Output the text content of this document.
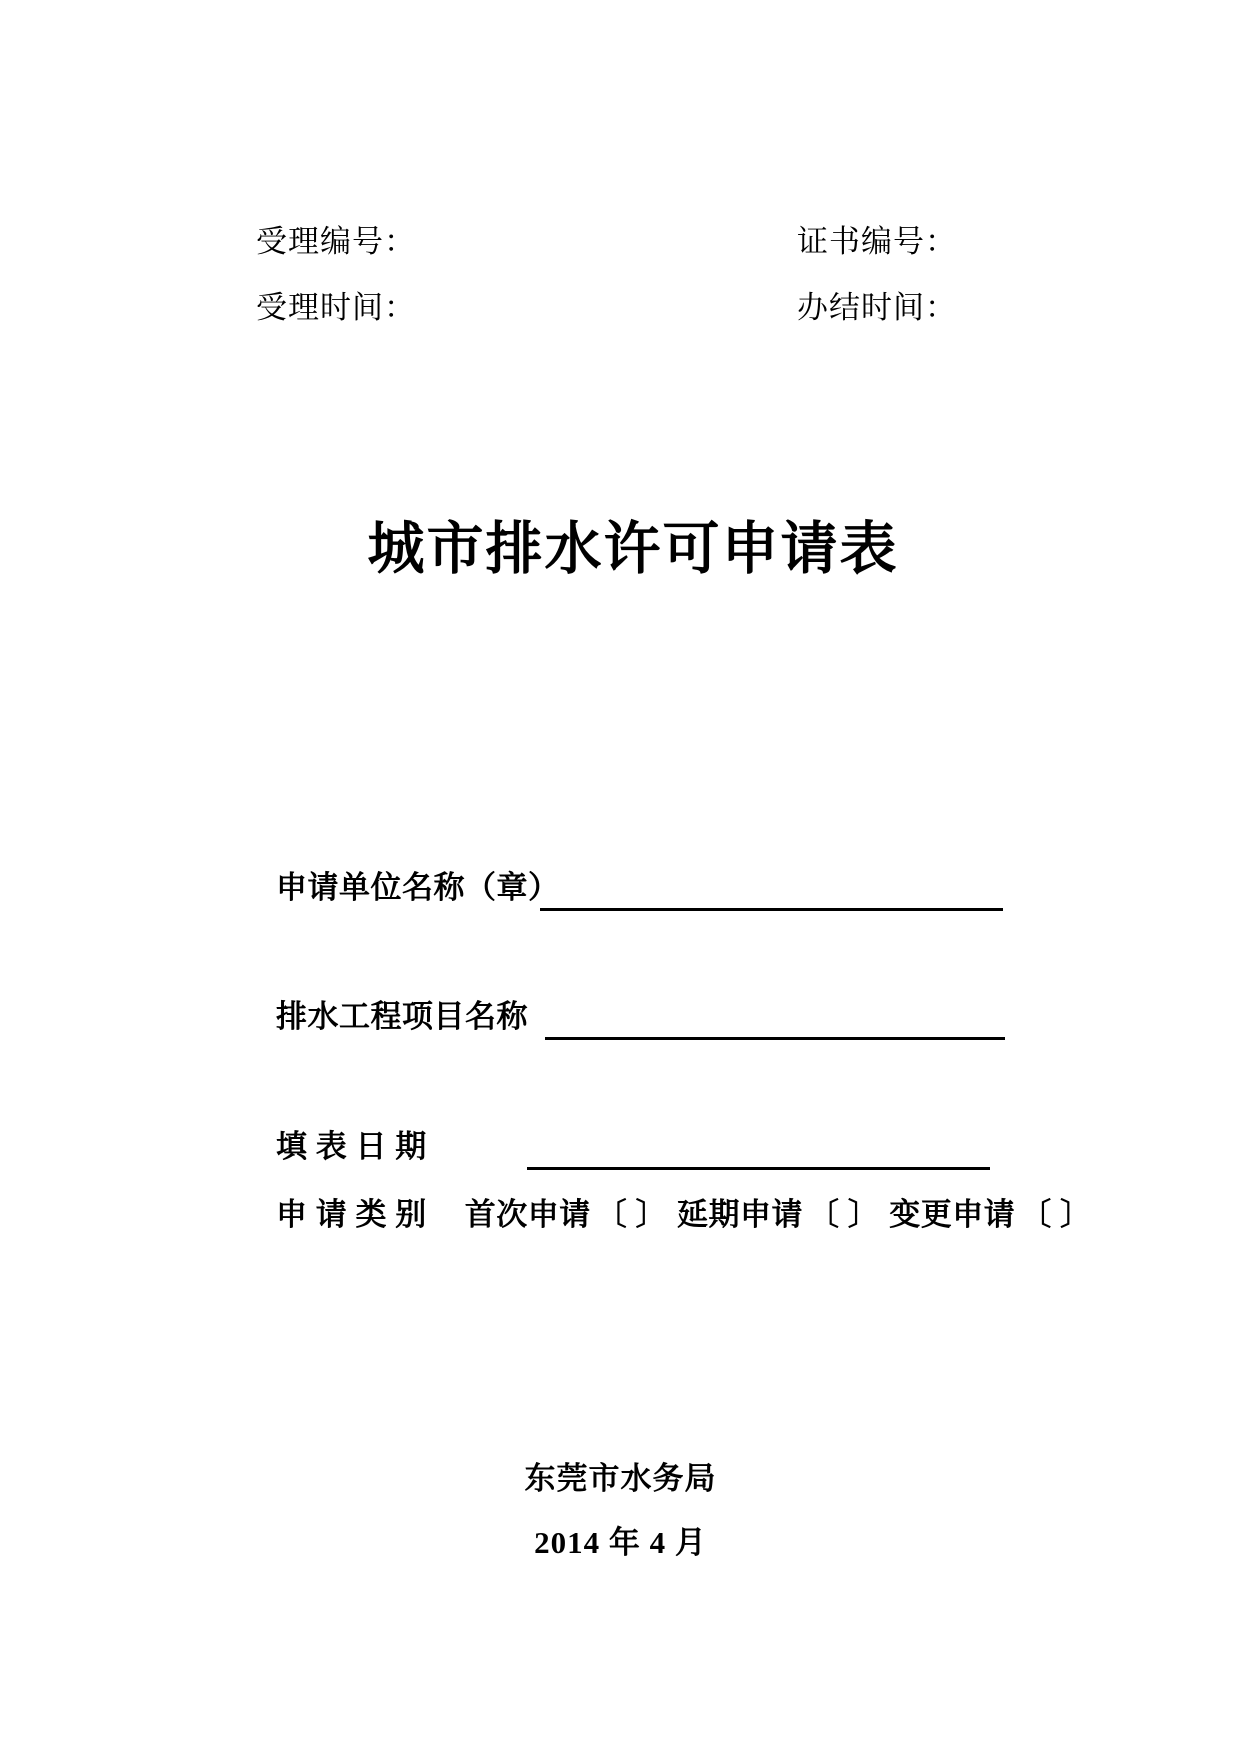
受理编号：	证书编号：
受理时间：	办结时间：
城市排水许可申请表
申请单位名称（章）
排水工程项目名称
填 表 日 期
申 请 类 别 首次申请 〔 〕 延期申请 〔 〕 变更申请 〔 〕
东莞市水务局
2014 年 4 月
